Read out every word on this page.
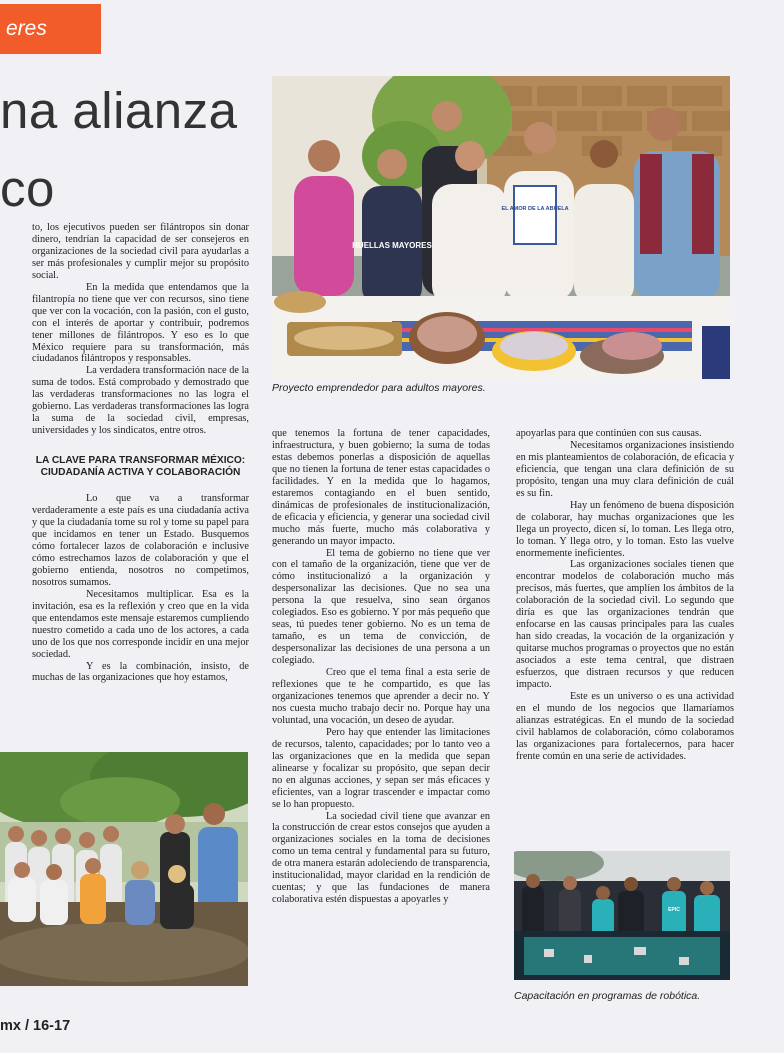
eres
na alianza
co

to, los ejecutivos pueden ser filántropos sin donar dinero, tendrían la capacidad de ser consejeros en organizaciones de la sociedad civil para ayudarlas a ser más profesionales y cumplir mejor su propósito social.

En la medida que entendamos que la filantropía no tiene que ver con recursos, sino tiene que ver con la vocación, con la pasión, con el gusto, con el interés de aportar y contribuir, podremos tener millones de filántropos. Y eso es lo que México requiere para su transformación, más ciudadanos filántropos y responsables.

La verdadera transformación nace de la suma de todos. Está comprobado y demostrado que las verdaderas transformaciones no las logra el gobierno. Las verdaderas transformaciones las logra la suma de la sociedad civil, empresas, universidades y los sindicatos, entre otros.

LA CLAVE PARA TRANSFORMAR MÉXICO: CIUDADANÍA ACTIVA Y COLABORACIÓN

Lo que va a transformar verdaderamente a este país es una ciudadanía activa y que la ciudadanía tome su rol y tome su papel para que incidamos en tener un Estado. Busquemos cómo fortalecer lazos de colaboración e inclusive cómo estrechamos lazos de colaboración y que el gobierno entienda, nosotros no competimos, nosotros sumamos.

Necesitamos multiplicar. Esa es la invitación, esa es la reflexión y creo que en la vida que entendamos este mensaje estaremos cumpliendo nuestro cometido a cada uno de los actores, a cada uno de los que nos corresponde incidir en una mejor sociedad.

Y es la combinación, insisto, de muchas de las organizaciones que hoy estamos,

que tenemos la fortuna de tener capacidades, infraestructura, y buen gobierno; la suma de todas estas debemos ponerlas a disposición de aquellas que no tienen la fortuna de tener estas capacidades o facilidades. Y en la medida que lo hagamos, estaremos contagiando en el buen sentido, dinámicas de profesionales de institucionalización, de eficacia y eficiencia, y generar una sociedad civil mucho más fuerte, mucho más colaborativa y generando un mayor impacto.

El tema de gobierno no tiene que ver con el tamaño de la organización, tiene que ver de cómo institucionalizó a la organización y despersonalizar las decisiones. Que no sea una persona la que resuelva, sino sean órganos colegiados. Eso es gobierno. Y por más pequeño que seas, tú puedes tener gobierno. No es un tema de tamaño, es un tema de convicción, de despersonalizar las decisiones de una persona a un colegiado.

Creo que el tema final a esta serie de reflexiones que te he compartido, es que las organizaciones tenemos que aprender a decir no. Y nos cuesta mucho trabajo decir no. Porque hay una voluntad, una vocación, un deseo de ayudar.

Pero hay que entender las limitaciones de recursos, talento, capacidades; por lo tanto veo a las organizaciones que en la medida que sepan alinearse y focalizar su propósito, que sepan decir no en algunas acciones, y sepan ser más eficaces y eficientes, van a lograr trascender e impactar como se lo han propuesto.

La sociedad civil tiene que avanzar en la construcción de crear estos consejos que ayuden a organizaciones sociales en la toma de decisiones como un tema central y fundamental para su futuro, de otra manera estarán adoleciendo de transparencia, institucionalidad, mayor claridad en la rendición de cuentas; y que las fundaciones de manera colaborativa estén dispuestas a apoyarles y

apoyarlas para que continúen con sus causas.

Necesitamos organizaciones insistiendo en mis planteamientos de colaboración, de eficacia y eficiencia, que tengan una clara definición de su propósito, tengan una muy clara definición de cuál es su fin.

Hay un fenómeno de buena disposición de colaborar, hay muchas organizaciones que les llega un proyecto, dicen sí, lo toman. Les llega otro, lo toman. Y llega otro, y lo toman. Esto las vuelve enormemente ineficientes.

Las organizaciones sociales tienen que encontrar modelos de colaboración mucho más precisos, más fuertes, que amplíen los ámbitos de la colaboración de la sociedad civil. Lo segundo que diría es que las organizaciones tendrán que enfocarse en las causas principales para las cuales han sido creadas, la vocación de la organización y quitarse muchos programas o proyectos que no están asociados a este tema central, que distraen esfuerzos, que distraen recursos y que reducen impacto.

Este es un universo o es una actividad en el mundo de los negocios que llamaríamos alianzas estratégicas. En el mundo de la sociedad civil hablamos de colaboración, cómo colaboramos las organizaciones para fortalecernos, para hacer frente común en una serie de actividades.

EL AMOR DE LA ABUELA
HUELLAS MAYORES
Proyecto emprendedor para adultos mayores.
EPIC
Capacitación en programas de robótica.
mx / 16-17
